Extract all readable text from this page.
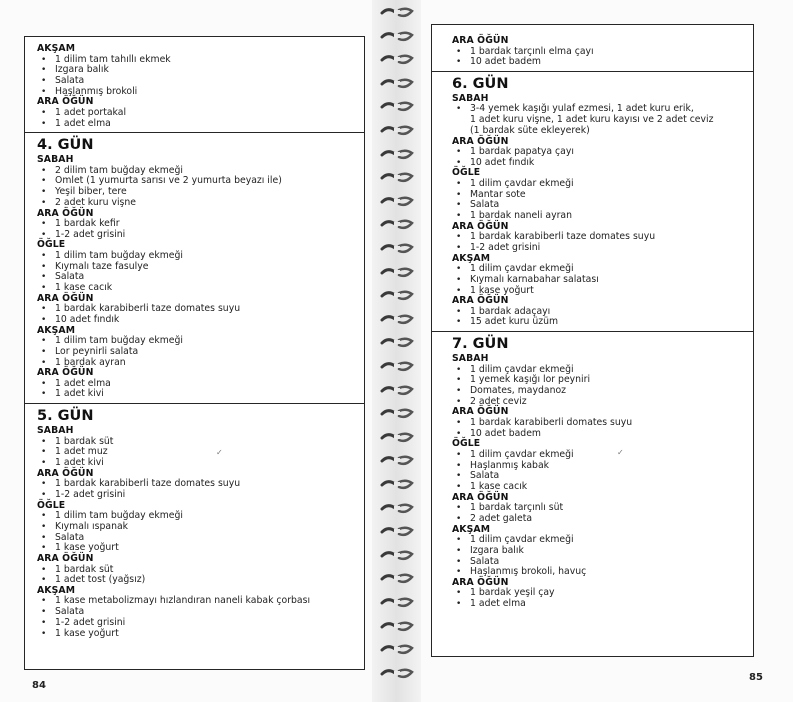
AKŞAM
• 1 dilim tam tahıllı ekmek
• Izgara balık
• Salata
• Haşlanmış brokoli
ARA ÖĞÜN
• 1 adet portakal
• 1 adet elma
4. GÜN
SABAH
• 2 dilim tam buğday ekmeği
• Omlet (1 yumurta sarısı ve 2 yumurta beyazı ile)
• Yeşil biber, tere
• 2 adet kuru vişne
ARA ÖĞÜN
• 1 bardak kefir
• 1-2 adet grisini
ÖĞLE
• 1 dilim tam buğday ekmeği
• Kıymalı taze fasulye
• Salata
• 1 kase cacık
ARA ÖĞÜN
• 1 bardak karabiberli taze domates suyu
• 10 adet fındık
AKŞAM
• 1 dilim tam buğday ekmeği
• Lor peynirli salata
• 1 bardak ayran
ARA ÖĞÜN
• 1 adet elma
• 1 adet kivi
5. GÜN
SABAH
• 1 bardak süt
• 1 adet muz
• 1 adet kivi
ARA ÖĞÜN
• 1 bardak karabiberli taze domates suyu
• 1-2 adet grisini
ÖĞLE
• 1 dilim tam buğday ekmeği
• Kıymalı ıspanak
• Salata
• 1 kase yoğurt
ARA ÖĞÜN
• 1 bardak süt
• 1 adet tost (yağsız)
AKŞAM
• 1 kase metabolizmayı hızlandıran naneli kabak çorbası
• Salata
• 1-2 adet grisini
• 1 kase yoğurt
ARA ÖĞÜN
• 1 bardak tarçınlı elma çayı
• 10 adet badem
6. GÜN
SABAH
• 3-4 yemek kaşığı yulaf ezmesi, 1 adet kuru erik,
1 adet kuru vişne, 1 adet kuru kayısı ve 2 adet ceviz
(1 bardak süte ekleyerek)
ARA ÖĞÜN
• 1 bardak papatya çayı
• 10 adet fındık
ÖĞLE
• 1 dilim çavdar ekmeği
• Mantar sote
• Salata
• 1 bardak naneli ayran
ARA ÖĞÜN
• 1 bardak karabiberli taze domates suyu
• 1-2 adet grisini
AKŞAM
• 1 dilim çavdar ekmeği
• Kıymalı karnabahar salatası
• 1 kase yoğurt
ARA ÖĞÜN
• 1 bardak adaçayı
• 15 adet kuru üzüm
7. GÜN
SABAH
• 1 dilim çavdar ekmeği
• 1 yemek kaşığı lor peyniri
• Domates, maydanoz
• 2 adet ceviz
ARA ÖĞÜN
• 1 bardak karabiberli domates suyu
• 10 adet badem
ÖĞLE
• 1 dilim çavdar ekmeği
• Haşlanmış kabak
• Salata
• 1 kase cacık
ARA ÖĞÜN
• 1 bardak tarçınlı süt
• 2 adet galeta
AKŞAM
• 1 dilim çavdar ekmeği
• Izgara balık
• Salata
• Haşlanmış brokoli, havuç
ARA ÖĞÜN
• 1 bardak yeşil çay
• 1 adet elma
✓	✓
84
85
